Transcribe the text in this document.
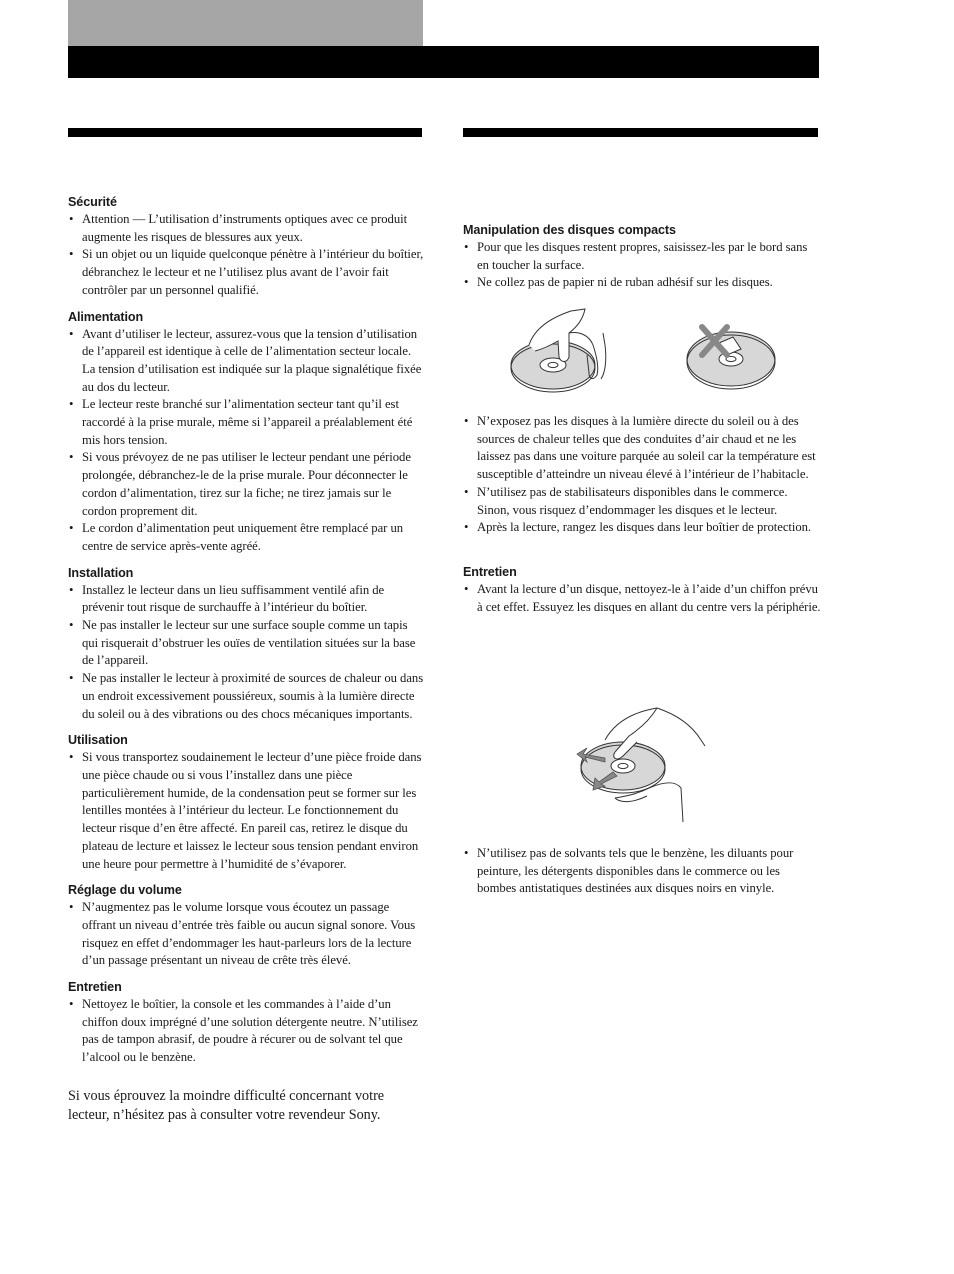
Sécurité
• Attention — L’utilisation d’instruments optiques avec ce produit augmente les risques de blessures aux yeux.
• Si un objet ou un liquide quelconque pénètre à l’intérieur du boîtier, débranchez le lecteur et ne l’utilisez plus avant de l’avoir fait contrôler par un personnel qualifié.
Alimentation
• Avant d’utiliser le lecteur, assurez-vous que la tension d’utilisation de l’appareil est identique à celle de l’alimentation secteur locale. La tension d’utilisation est indiquée sur la plaque signalétique fixée au dos du lecteur.
• Le lecteur reste branché sur l’alimentation secteur tant qu’il est raccordé à la prise murale, même si l’appareil a préalablement été mis hors tension.
• Si vous prévoyez de ne pas utiliser le lecteur pendant une période prolongée, débranchez-le de la prise murale. Pour déconnecter le cordon d’alimentation, tirez sur la fiche; ne tirez jamais sur le cordon proprement dit.
• Le cordon d’alimentation peut uniquement être remplacé par un centre de service après-vente agréé.
Installation
• Installez le lecteur dans un lieu suffisamment ventilé afin de prévenir tout risque de surchauffe à l’intérieur du boîtier.
• Ne pas installer le lecteur sur une surface souple comme un tapis qui risquerait d’obstruer les ouïes de ventilation situées sur la base de l’appareil.
• Ne pas installer le lecteur à proximité de sources de chaleur ou dans un endroit excessivement poussiéreux, soumis à la lumière directe du soleil ou à des vibrations ou des chocs mécaniques importants.
Utilisation
• Si vous transportez soudainement le lecteur d’une pièce froide dans une pièce chaude ou si vous l’installez dans une pièce particulièrement humide, de la condensation peut se former sur les lentilles montées à l’intérieur du lecteur. Le fonctionnement du lecteur risque d’en être affecté. En pareil cas, retirez le disque du plateau de lecture et laissez le lecteur sous tension pendant environ une heure pour permettre à l’humidité de s’évaporer.
Réglage du volume
• N’augmentez pas le volume lorsque vous écoutez un passage offrant un niveau d’entrée très faible ou aucun signal sonore. Vous risquez en effet d’endommager les haut-parleurs lors de la lecture d’un passage présentant un niveau de crête très élevé.
Entretien
• Nettoyez le boîtier, la console et les commandes à l’aide d’un chiffon doux imprégné d’une solution détergente neutre. N’utilisez pas de tampon abrasif, de poudre à récurer ou de solvant tel que l’alcool ou le benzène.

Si vous éprouvez la moindre difficulté concernant votre lecteur, n’hésitez pas à consulter votre revendeur Sony.

Manipulation des disques compacts
• Pour que les disques restent propres, saisissez-les par le bord sans en toucher la surface.
• Ne collez pas de papier ni de ruban adhésif sur les disques.
• N’exposez pas les disques à la lumière directe du soleil ou à des sources de chaleur telles que des conduites d’air chaud et ne les laissez pas dans une voiture parquée au soleil car la température est susceptible d’atteindre un niveau élevé à l’intérieur de l’habitacle.
• N’utilisez pas de stabilisateurs disponibles dans le commerce. Sinon, vous risquez d’endommager les disques et le lecteur.
• Après la lecture, rangez les disques dans leur boîtier de protection.
Entretien
• Avant la lecture d’un disque, nettoyez-le à l’aide d’un chiffon prévu à cet effet. Essuyez les disques en allant du centre vers la périphérie.
• N’utilisez pas de solvants tels que le benzène, les diluants pour peinture, les détergents disponibles dans le commerce ou les bombes antistatiques destinées aux disques noirs en vinyle.
